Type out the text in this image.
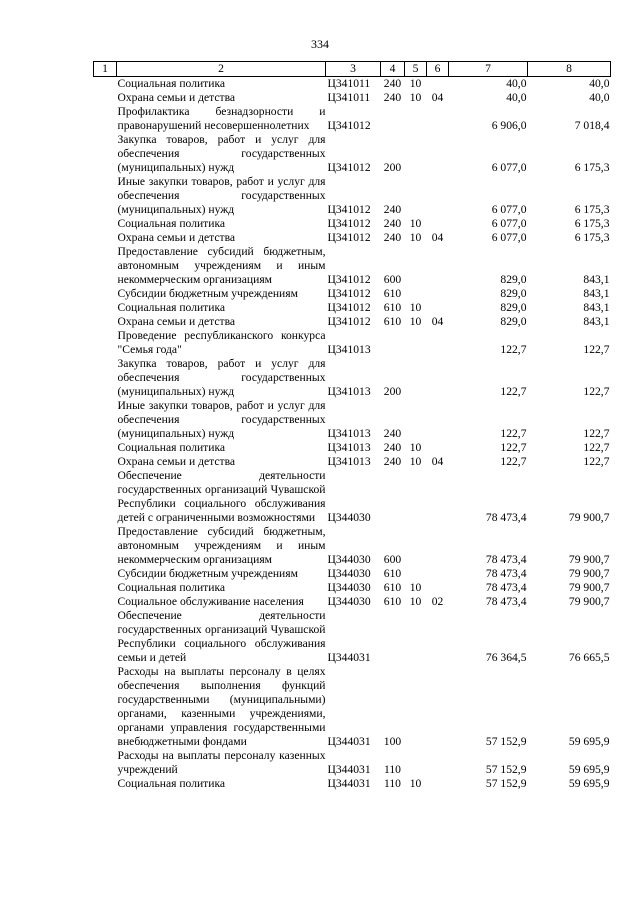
334
1	2	3	4	5	6	7	8
	Социальная политика	Ц341011	240	10		40,0	40,0
	Охрана семьи и детства	Ц341011	240	10	04	40,0	40,0
	Профилактика безнадзорности и правонарушений несовершеннолетних	Ц341012				6 906,0	7 018,4
	Закупка товаров, работ и услуг для обеспечения государственных (муниципальных) нужд	Ц341012	200			6 077,0	6 175,3
	Иные закупки товаров, работ и услуг для обеспечения государственных (муниципальных) нужд	Ц341012	240			6 077,0	6 175,3
	Социальная политика	Ц341012	240	10		6 077,0	6 175,3
	Охрана семьи и детства	Ц341012	240	10	04	6 077,0	6 175,3
	Предоставление субсидий бюджетным, автономным учреждениям и иным некоммерческим организациям	Ц341012	600			829,0	843,1
	Субсидии бюджетным учреждениям	Ц341012	610			829,0	843,1
	Социальная политика	Ц341012	610	10		829,0	843,1
	Охрана семьи и детства	Ц341012	610	10	04	829,0	843,1
	Проведение республиканского конкурса "Семья года"	Ц341013				122,7	122,7
	Закупка товаров, работ и услуг для обеспечения государственных (муниципальных) нужд	Ц341013	200			122,7	122,7
	Иные закупки товаров, работ и услуг для обеспечения государственных (муниципальных) нужд	Ц341013	240			122,7	122,7
	Социальная политика	Ц341013	240	10		122,7	122,7
	Охрана семьи и детства	Ц341013	240	10	04	122,7	122,7
	Обеспечение деятельности государственных организаций Чувашской Республики социального обслуживания детей с ограниченными возможностями	Ц344030				78 473,4	79 900,7
	Предоставление субсидий бюджетным, автономным учреждениям и иным некоммерческим организациям	Ц344030	600			78 473,4	79 900,7
	Субсидии бюджетным учреждениям	Ц344030	610			78 473,4	79 900,7
	Социальная политика	Ц344030	610	10		78 473,4	79 900,7
	Социальное обслуживание населения	Ц344030	610	10	02	78 473,4	79 900,7
	Обеспечение деятельности государственных организаций Чувашской Республики социального обслуживания семьи и детей	Ц344031				76 364,5	76 665,5
	Расходы на выплаты персоналу в целях обеспечения выполнения функций государственными (муниципальными) органами, казенными учреждениями, органами управления государственными внебюджетными фондами	Ц344031	100			57 152,9	59 695,9
	Расходы на выплаты персоналу казенных учреждений	Ц344031	110			57 152,9	59 695,9
	Социальная политика	Ц344031	110	10		57 152,9	59 695,9
